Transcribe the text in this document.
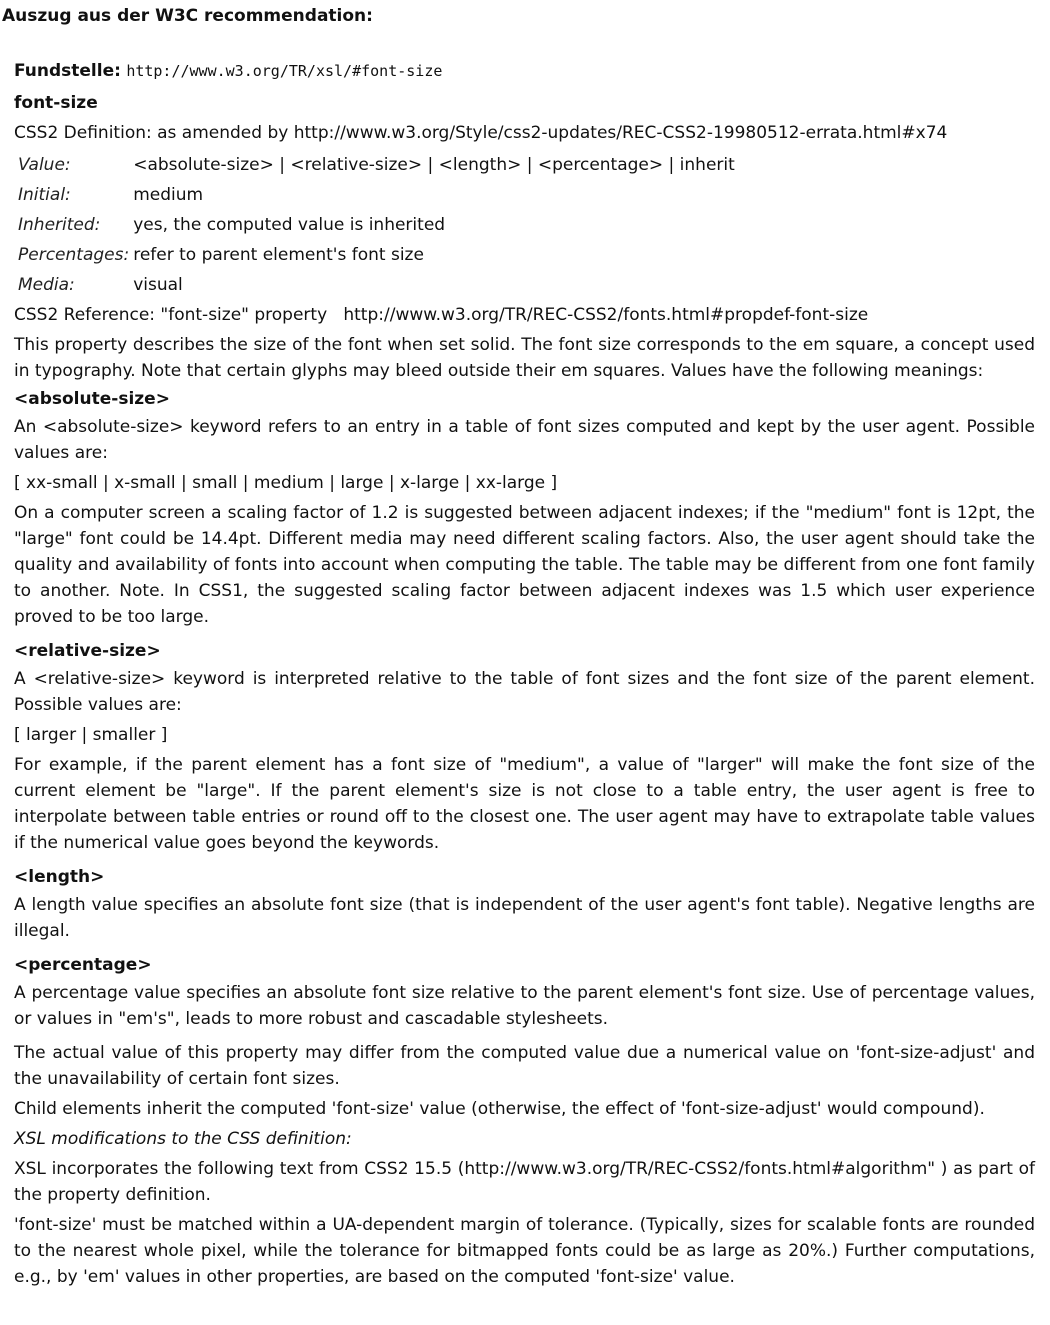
Auszug aus der W3C recommendation:
Fundstelle: http://www.w3.org/TR/xsl/#font-size
font-size
CSS2 Definition: as amended by http://www.w3.org/Style/css2-updates/REC-CSS2-19980512-errata.html#x74
Value:	<absolute-size> | <relative-size> | <length> | <percentage> | inherit
Initial:	medium
Inherited:	yes, the computed value is inherited
Percentages:	refer to parent element's font size
Media:	visual
CSS2 Reference: "font-size" property   http://www.w3.org/TR/REC-CSS2/fonts.html#propdef-font-size
This property describes the size of the font when set solid. The font size corresponds to the em square, a concept used in typography. Note that certain glyphs may bleed outside their em squares. Values have the following meanings:
<absolute-size>
An <absolute-size> keyword refers to an entry in a table of font sizes computed and kept by the user agent. Possible values are:
[ xx-small | x-small | small | medium | large | x-large | xx-large ]
On a computer screen a scaling factor of 1.2 is suggested between adjacent indexes; if the "medium" font is 12pt, the "large" font could be 14.4pt. Different media may need different scaling factors. Also, the user agent should take the quality and availability of fonts into account when computing the table. The table may be different from one font family to another. Note. In CSS1, the suggested scaling factor between adjacent indexes was 1.5 which user experience proved to be too large.
<relative-size>
A <relative-size> keyword is interpreted relative to the table of font sizes and the font size of the parent element. Possible values are:
[ larger | smaller ]
For example, if the parent element has a font size of "medium", a value of "larger" will make the font size of the current element be "large". If the parent element's size is not close to a table entry, the user agent is free to interpolate between table entries or round off to the closest one. The user agent may have to extrapolate table values if the numerical value goes beyond the keywords.
<length>
A length value specifies an absolute font size (that is independent of the user agent's font table). Negative lengths are illegal.
<percentage>
A percentage value specifies an absolute font size relative to the parent element's font size. Use of percentage values, or values in "em's", leads to more robust and cascadable stylesheets.
The actual value of this property may differ from the computed value due a numerical value on 'font-size-adjust' and the unavailability of certain font sizes.
Child elements inherit the computed 'font-size' value (otherwise, the effect of 'font-size-adjust' would compound).
XSL modifications to the CSS definition:
XSL incorporates the following text from CSS2 15.5 (http://www.w3.org/TR/REC-CSS2/fonts.html#algorithm" ) as part of the property definition.
'font-size' must be matched within a UA-dependent margin of tolerance. (Typically, sizes for scalable fonts are rounded to the nearest whole pixel, while the tolerance for bitmapped fonts could be as large as 20%.) Further computations, e.g., by 'em' values in other properties, are based on the computed 'font-size' value.
